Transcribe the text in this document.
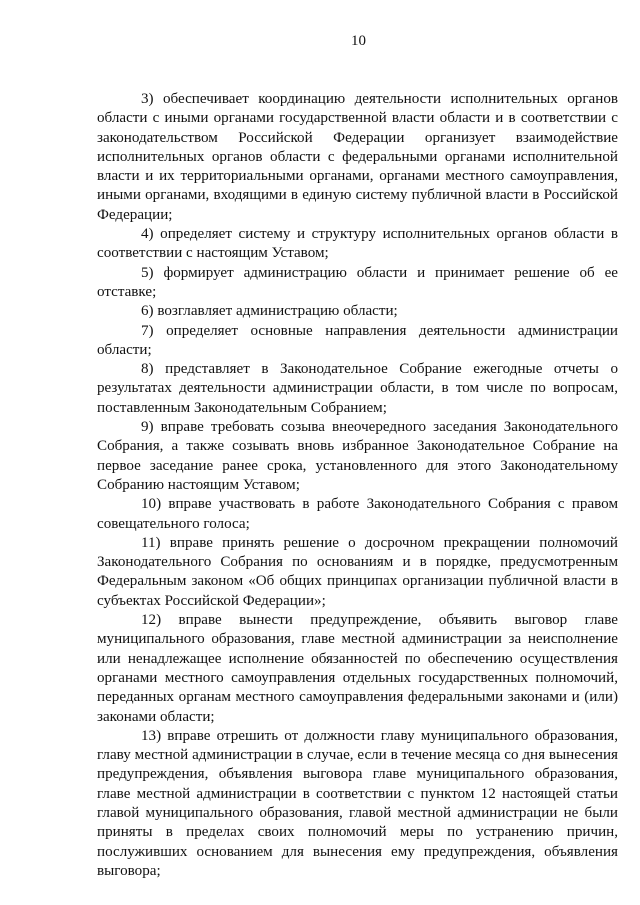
10

3) обеспечивает координацию деятельности исполнительных органов области с иными органами государственной власти области и в соответствии с законодательством Российской Федерации организует взаимодействие исполнительных органов области с федеральными органами исполнительной власти и их территориальными органами, органами местного самоуправления, иными органами, входящими в единую систему публичной власти в Российской Федерации;

4) определяет систему и структуру исполнительных органов области в соответствии с настоящим Уставом;

5) формирует администрацию области и принимает решение об ее отставке;

6) возглавляет администрацию области;

7) определяет основные направления деятельности администрации области;

8) представляет в Законодательное Собрание ежегодные отчеты о результатах деятельности администрации области, в том числе по вопросам, поставленным Законодательным Собранием;

9) вправе требовать созыва внеочередного заседания Законодательного Собрания, а также созывать вновь избранное Законодательное Собрание на первое заседание ранее срока, установленного для этого Законодательному Собранию настоящим Уставом;

10) вправе участвовать в работе Законодательного Собрания с правом совещательного голоса;

11) вправе принять решение о досрочном прекращении полномочий Законодательного Собрания по основаниям и в порядке, предусмотренным Федеральным законом «Об общих принципах организации публичной власти в субъектах Российской Федерации»;

12) вправе вынести предупреждение, объявить выговор главе муниципального образования, главе местной администрации за неисполнение или ненадлежащее исполнение обязанностей по обеспечению осуществления органами местного самоуправления отдельных государственных полномочий, переданных органам местного самоуправления федеральными законами и (или) законами области;

13) вправе отрешить от должности главу муниципального образования, главу местной администрации в случае, если в течение месяца со дня вынесения предупреждения, объявления выговора главе муниципального образования, главе местной администрации в соответствии с пунктом 12 настоящей статьи главой муниципального образования, главой местной администрации не были приняты в пределах своих полномочий меры по устранению причин, послуживших основанием для вынесения ему предупреждения, объявления выговора;
